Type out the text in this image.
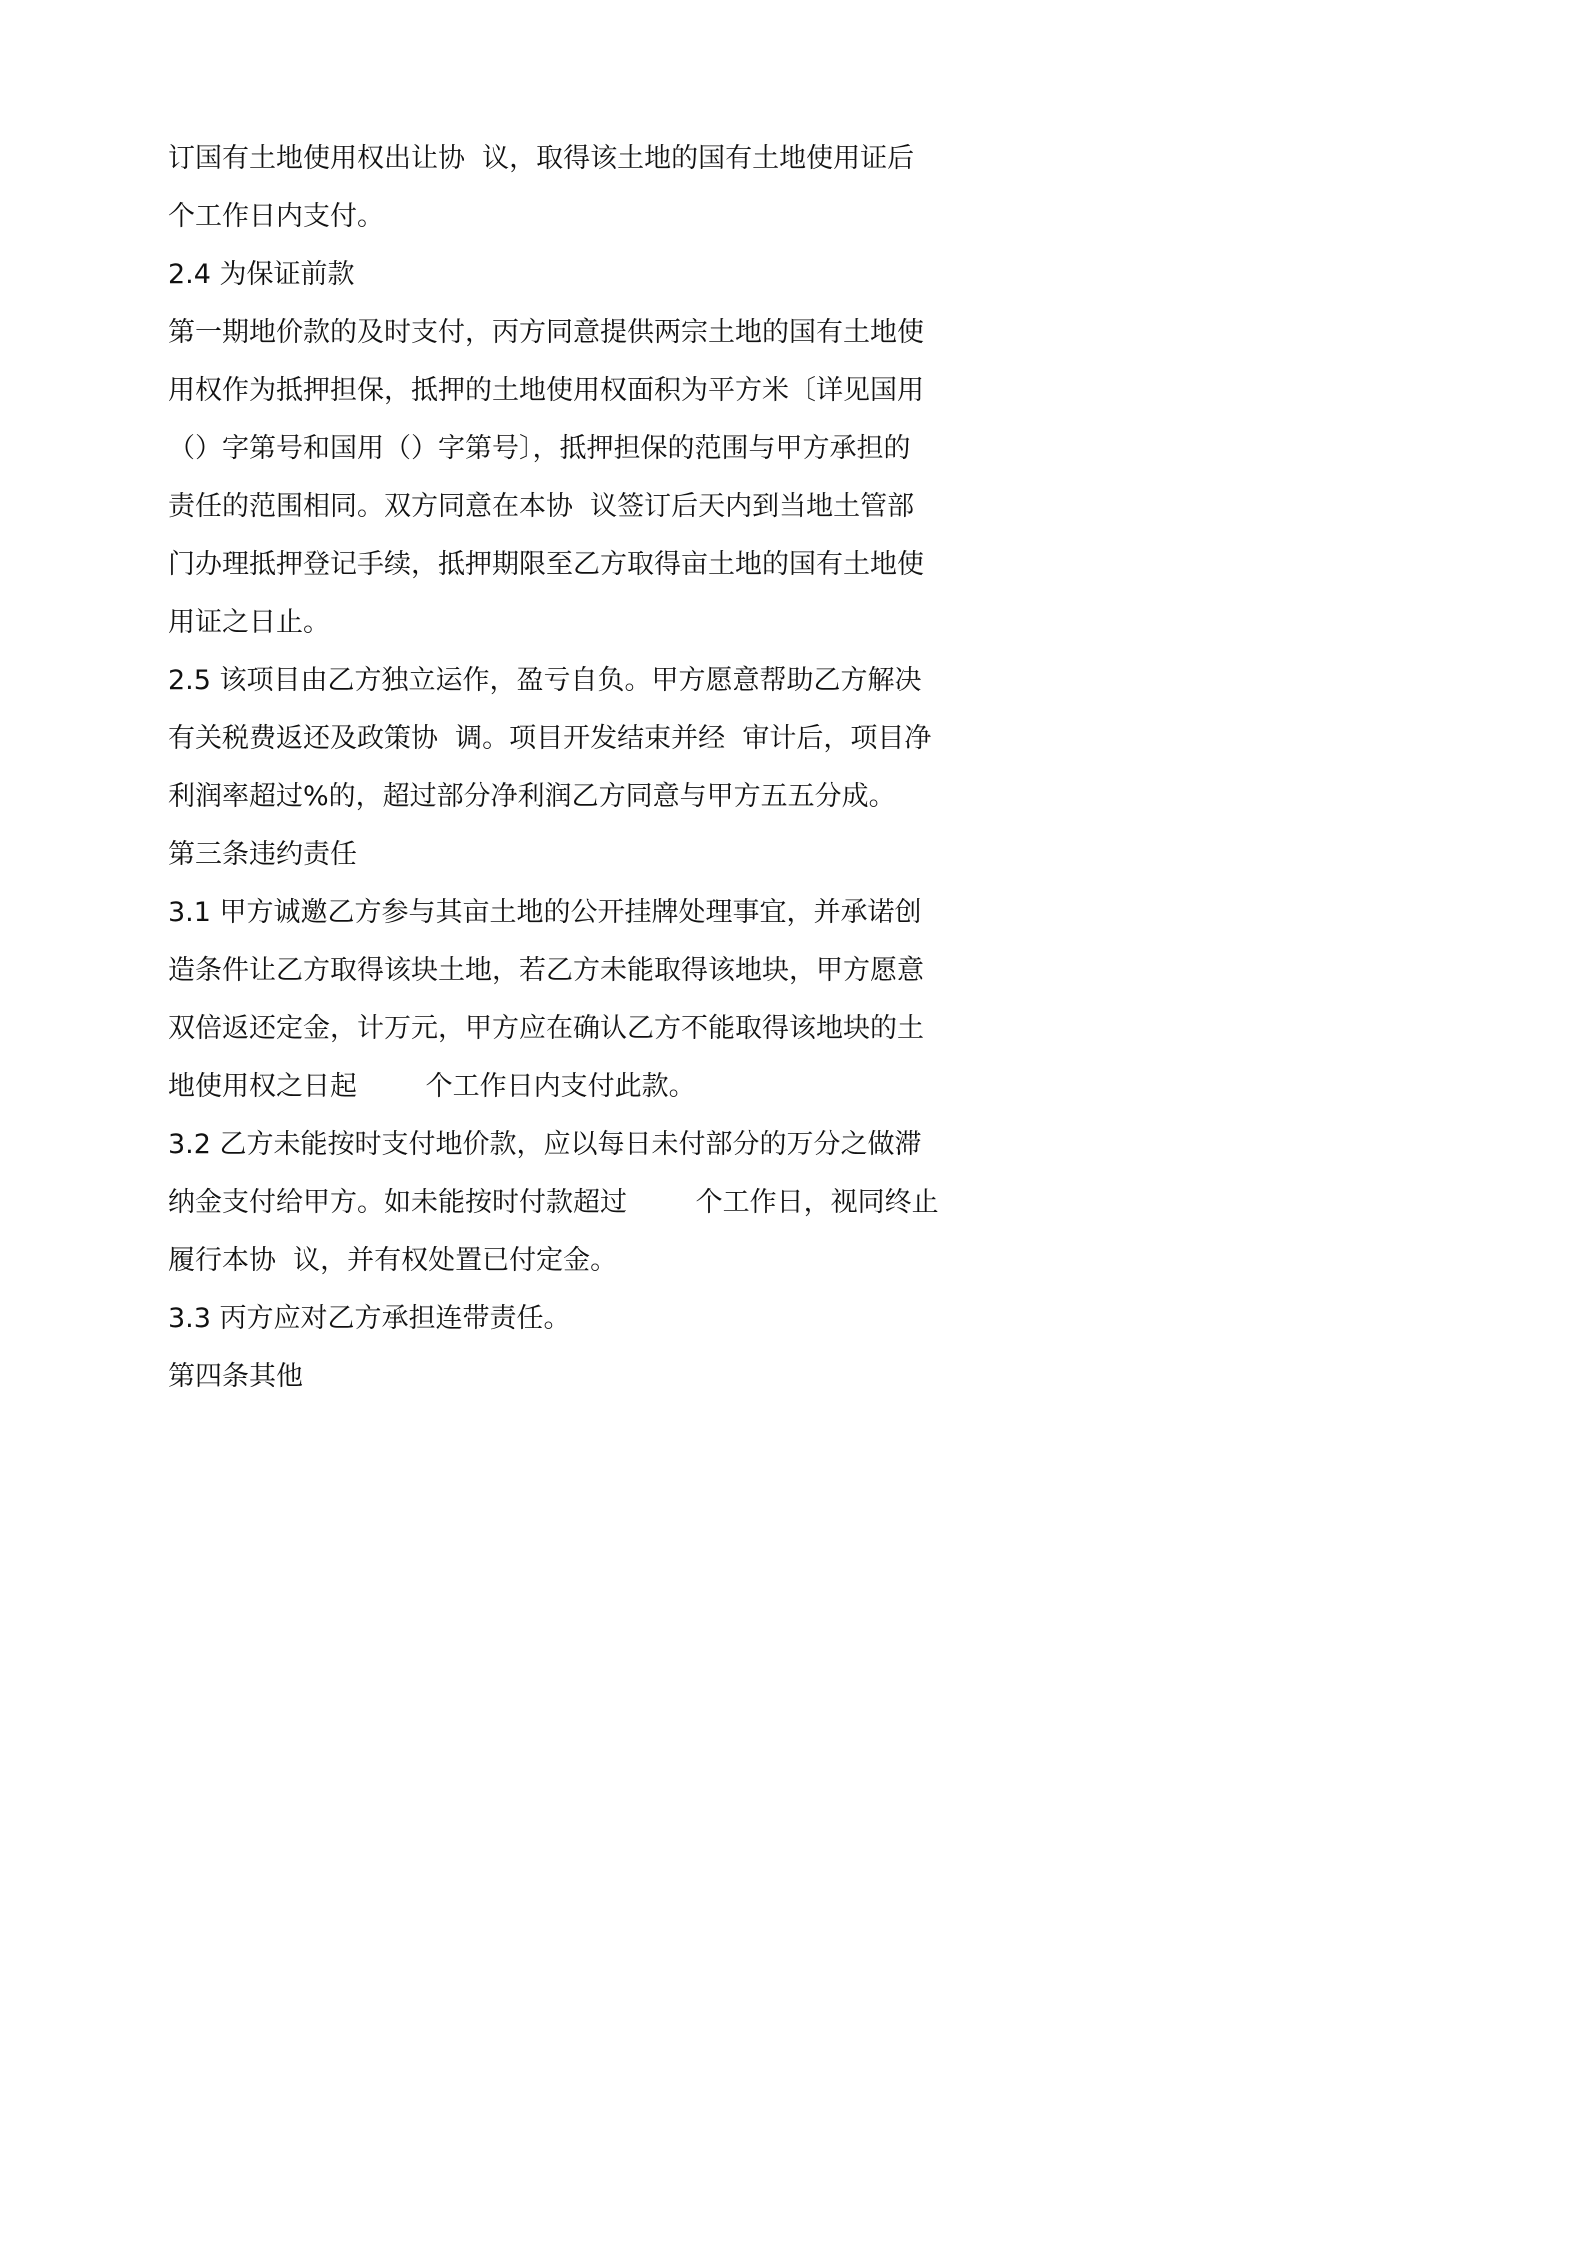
订国有土地使用权出让协  议，取得该土地的国有土地使用证后

个工作日内支付。

2.4 为保证前款

第一期地价款的及时支付，丙方同意提供两宗土地的国有土地使

用权作为抵押担保，抵押的土地使用权面积为平方米〔详见国用

（）字第号和国用（）字第号〕，抵押担保的范围与甲方承担的

责任的范围相同。双方同意在本协  议签订后天内到当地土管部

门办理抵押登记手续，抵押期限至乙方取得亩土地的国有土地使

用证之日止。

2.5 该项目由乙方独立运作，盈亏自负。甲方愿意帮助乙方解决

有关税费返还及政策协  调。项目开发结束并经  审计后，项目净

利润率超过%的，超过部分净利润乙方同意与甲方五五分成。

第三条违约责任

3.1 甲方诚邀乙方参与其亩土地的公开挂牌处理事宜，并承诺创

造条件让乙方取得该块土地，若乙方未能取得该地块，甲方愿意

双倍返还定金，计万元，甲方应在确认乙方不能取得该地块的土

地使用权之日起        个工作日内支付此款。

3.2 乙方未能按时支付地价款，应以每日未付部分的万分之做滞

纳金支付给甲方。如未能按时付款超过        个工作日，视同终止

履行本协  议，并有权处置已付定金。

3.3 丙方应对乙方承担连带责任。

第四条其他
